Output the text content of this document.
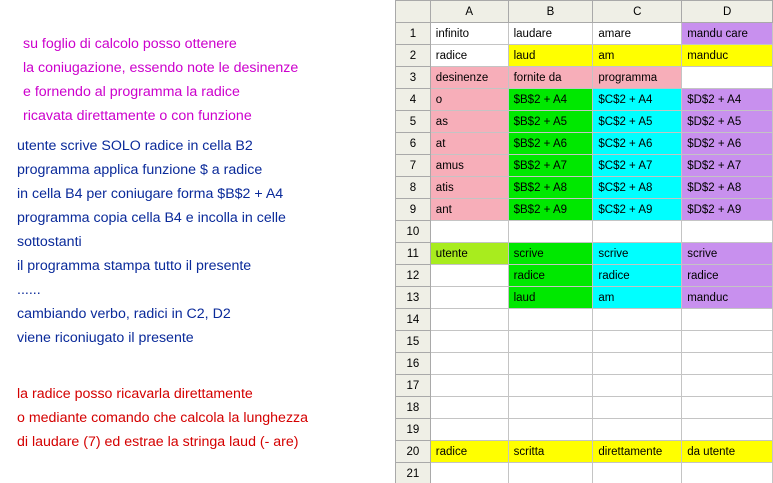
su foglio di calcolo posso ottenere
la coniugazione, essendo note le desinenze
e fornendo al programma la radice
ricavata direttamente o con funzione
utente scrive SOLO radice in cella B2
programma applica funzione $ a radice
in cella B4 per coniugare forma $B$2 + A4
programma copia cella B4 e incolla in celle
sottostanti
il programma stampa tutto il presente
......
cambiando verbo, radici in C2, D2
viene riconiugato il presente
la radice posso ricavarla direttamente
o mediante comando che calcola la lunghezza
di laudare (7) ed estrae la stringa laud (- are)
	A	B	C	D
1	infinito	laudare	amare	mandu care
2	radice	laud	am	manduc
3	desinenze	fornite da	programma	
4	o	$B$2 + A4	$C$2 + A4	$D$2 + A4
5	as	$B$2 + A5	$C$2 + A5	$D$2 + A5
6	at	$B$2 + A6	$C$2 + A6	$D$2 + A6
7	amus	$B$2 + A7	$C$2 + A7	$D$2 + A7
8	atis	$B$2 + A8	$C$2 + A8	$D$2 + A8
9	ant	$B$2 + A9	$C$2 + A9	$D$2 + A9
10				
11	utente	scrive	scrive	scrive
12		radice	radice	radice
13		laud	am	manduc
14				
15				
16				
17				
18				
19				
20	radice	scritta	direttamente	da utente
21				
